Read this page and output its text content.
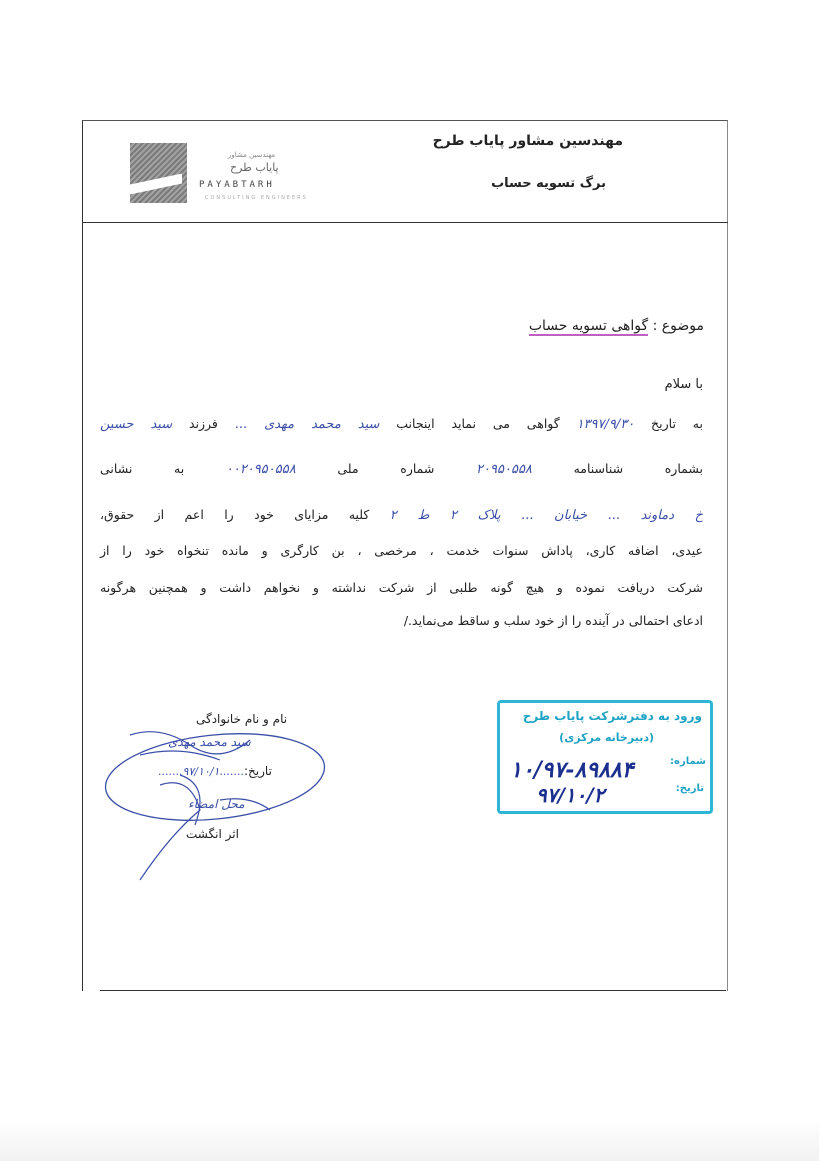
مهندسین مشاور
پایاب طرح
PAYABTARH
CONSULTING ENGINEERS
مهندسین مشاور پایاب طرح
برگ تسویه حساب
موضوع : گواهی تسویه حساب
با سلام
به تاریخ ۱۳۹۷/۹/۳۰ گواهی می نماید اینجانب سید محمد مهدی ... فرزند سید حسین
بشماره شناسنامه ۲۰۹۵۰۵۵۸ شماره ملی ۰۰۲۰۹۵۰۵۵۸ به نشانی
خ دماوند ... خیابان ... پلاک ۲ ط ۲ کلیه مزایای خود را اعم از حقوق،
عیدی، اضافه کاری، پاداش سنوات خدمت ، مرخصی ، بن کارگری و مانده تنخواه خود را از
شرکت دریافت نموده و هیچ گونه طلبی از شرکت نداشته و نخواهم داشت و همچنین هرگونه
ادعای احتمالی در آینده را از خود سلب و ساقط می‌نماید./
نام و نام خانوادگی
سید محمد مهدی
تاریخ:
.......۹۷/۱۰/۱.......
محل امضاء
اثر انگشت
ورود به دفترشرکت پایاب طرح
(دبیرخانه مرکزی)
شماره:
۱۰/۹۷-۸۹۸۸۴
تاریخ:
۹۷/۱۰/۲
